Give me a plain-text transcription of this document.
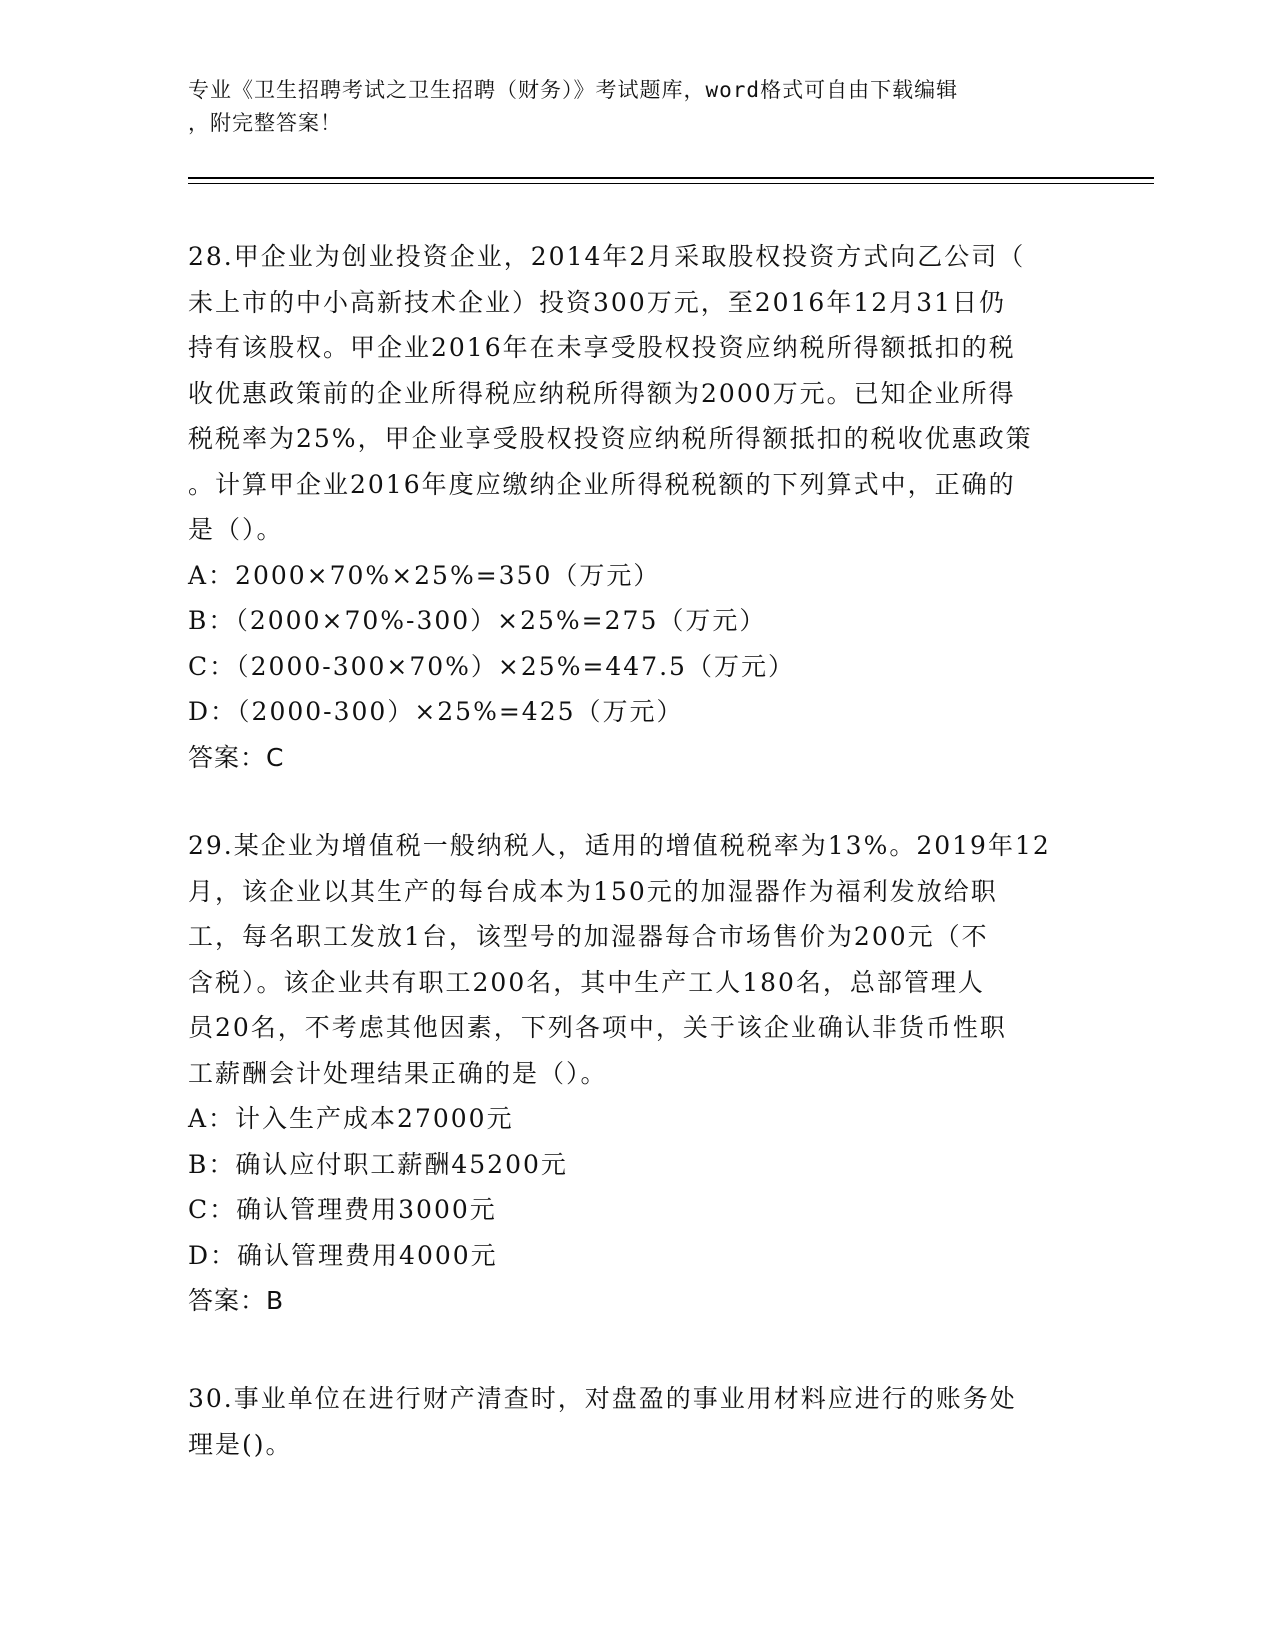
专业《卫生招聘考试之卫生招聘（财务）》考试题库，word格式可自由下载编辑
，附完整答案！

28.甲企业为创业投资企业，2014年2月采取股权投资方式向乙公司（
未上市的中小高新技术企业）投资300万元，至2016年12月31日仍
持有该股权。甲企业2016年在未享受股权投资应纳税所得额抵扣的税
收优惠政策前的企业所得税应纳税所得额为2000万元。已知企业所得
税税率为25%，甲企业享受股权投资应纳税所得额抵扣的税收优惠政策
。计算甲企业2016年度应缴纳企业所得税税额的下列算式中，正确的
是（）。

A：2000×70%×25%=350（万元）

B：（2000×70%-300）×25%=275（万元）

C：（2000-300×70%）×25%=447.5（万元）

D：（2000-300）×25%=425（万元）

答案：C

29.某企业为增值税一般纳税人，适用的增值税税率为13%。2019年12
月，该企业以其生产的每台成本为150元的加湿器作为福利发放给职
工，每名职工发放1台，该型号的加湿器每合市场售价为200元（不
含税）。该企业共有职工200名，其中生产工人180名，总部管理人
员20名，不考虑其他因素，下列各项中，关于该企业确认非货币性职
工薪酬会计处理结果正确的是（）。

A：计入生产成本27000元

B：确认应付职工薪酬45200元

C：确认管理费用3000元

D：确认管理费用4000元

答案：B

30.事业单位在进行财产清查时，对盘盈的事业用材料应进行的账务处
理是()。
